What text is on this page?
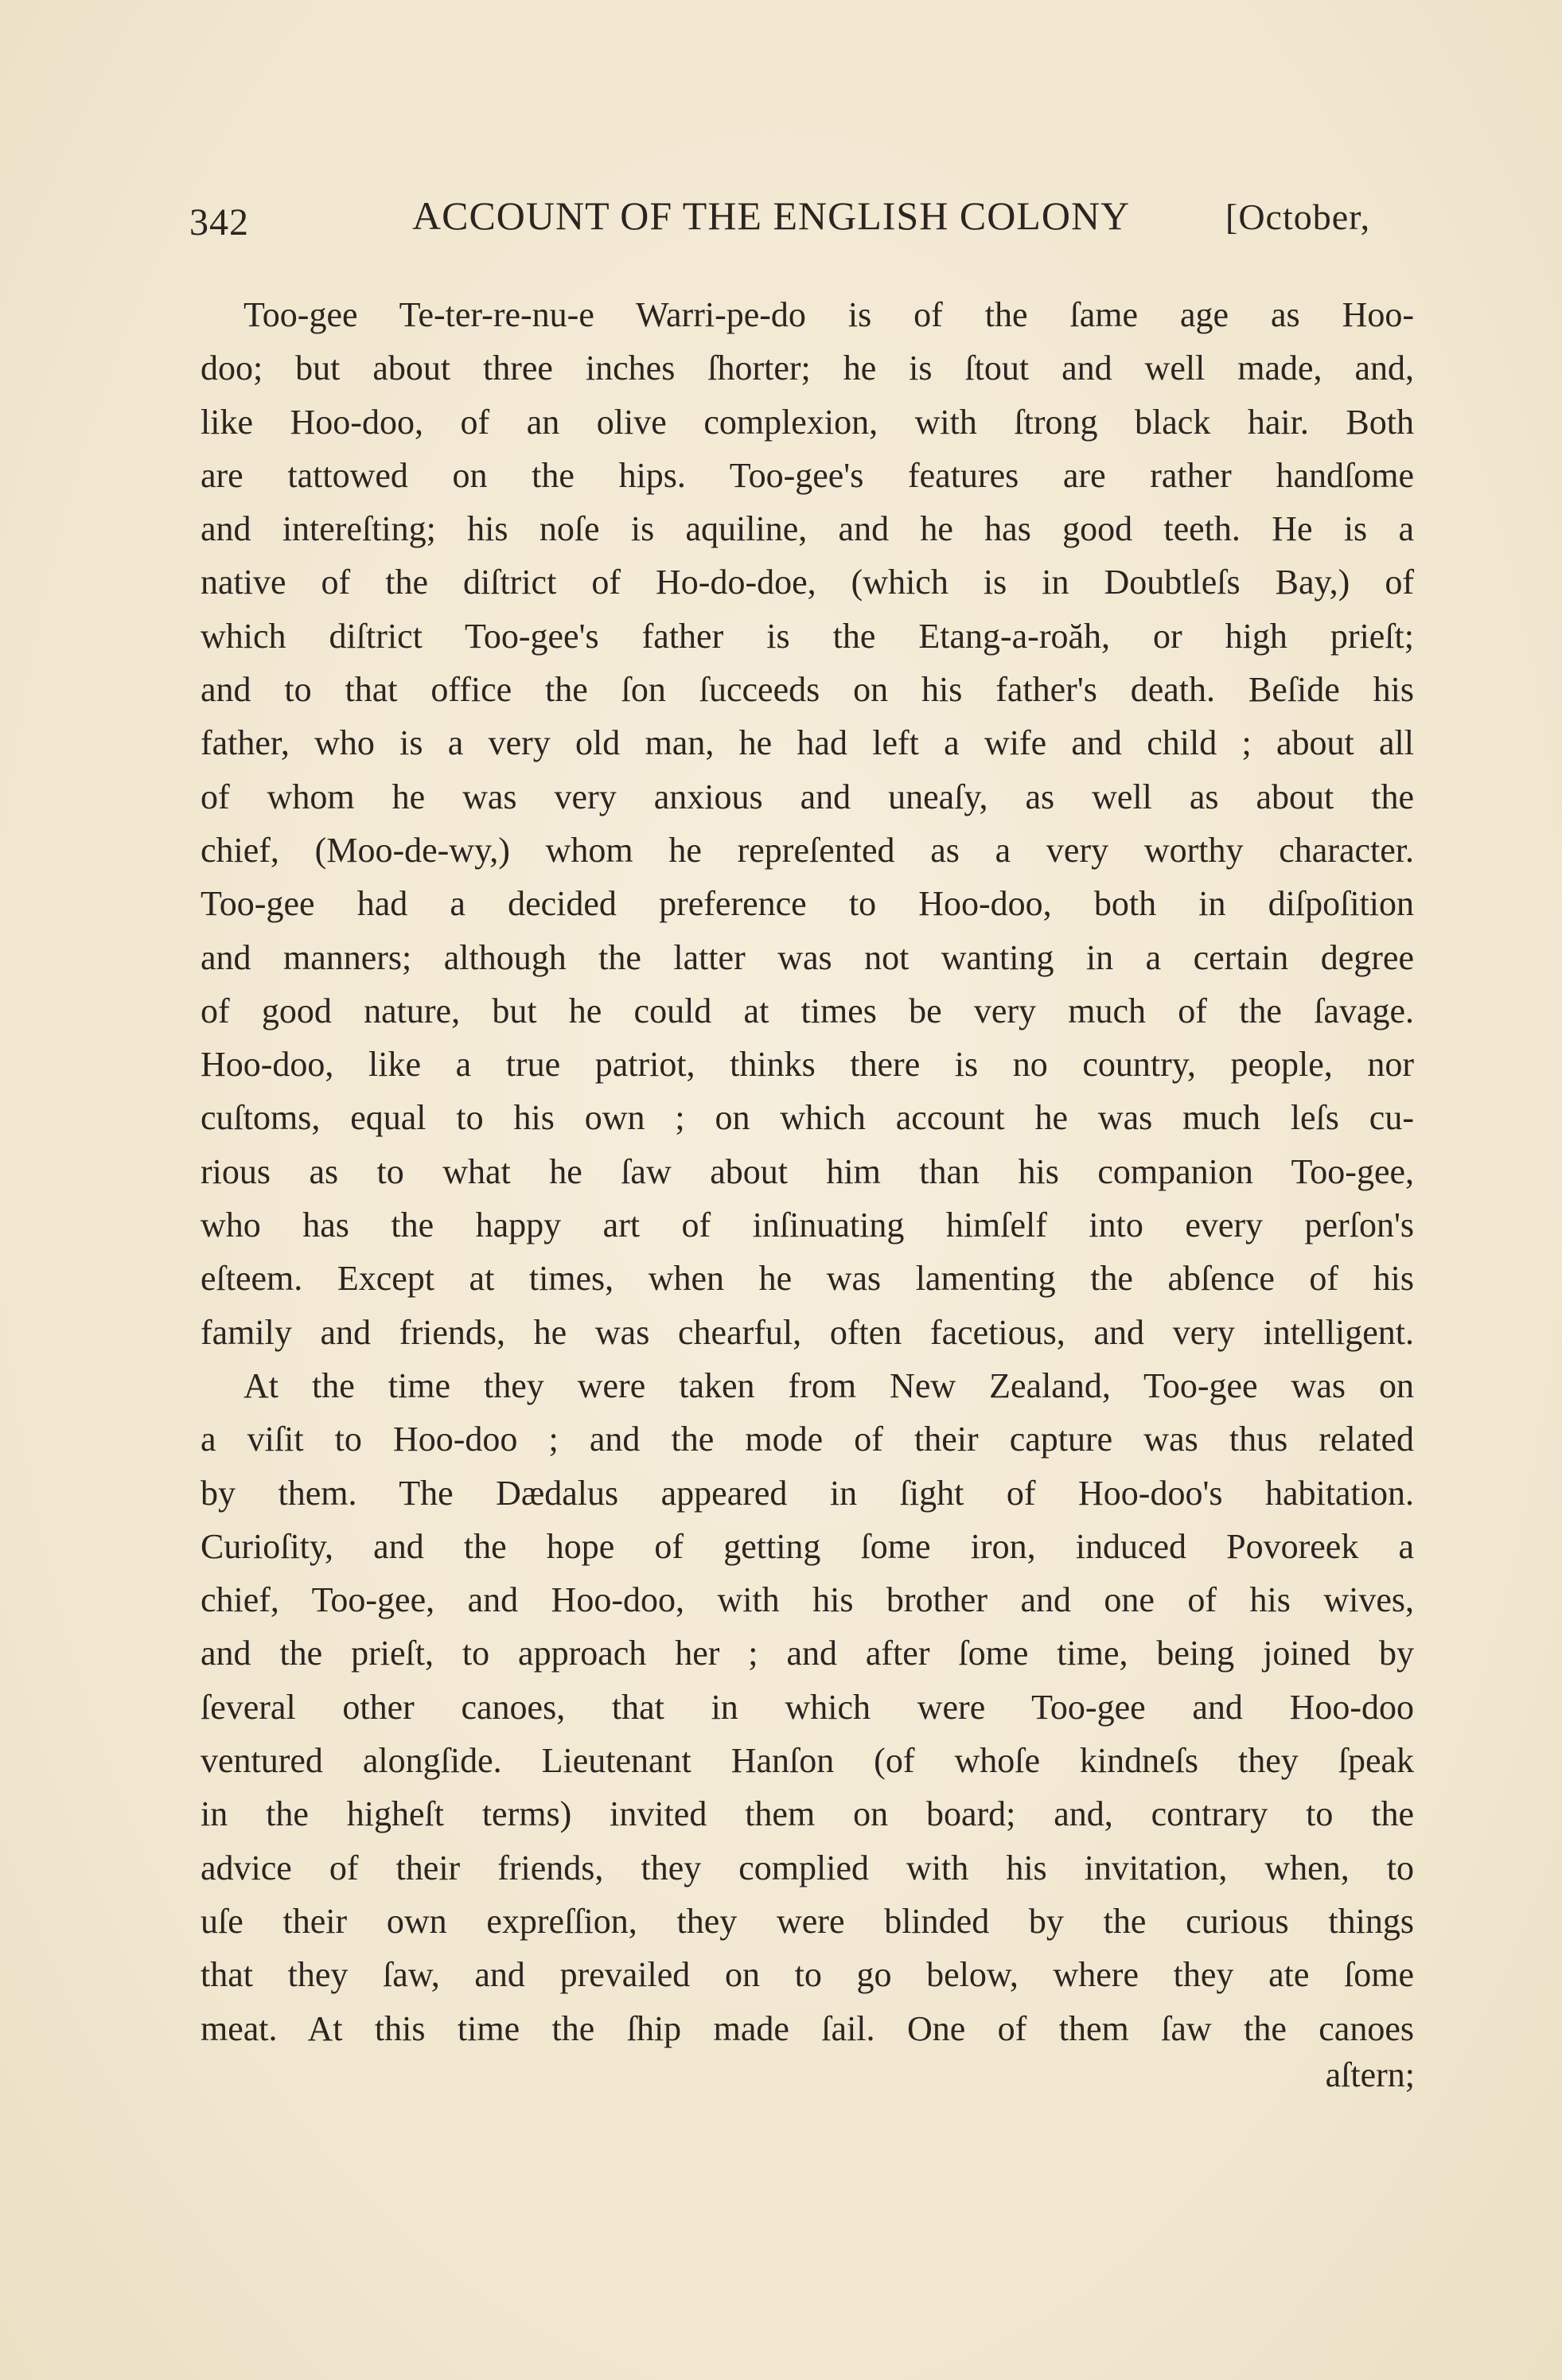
342	ACCOUNT OF THE ENGLISH COLONY	[October,
Too-gee Te-ter-re-nu-e Warri-pe-do is of the ſame age as Hoo-
doo; but about three inches ſhorter; he is ſtout and well made, and,
like Hoo-doo, of an olive complexion, with ſtrong black hair. Both
are tattowed on the hips. Too-gee's features are rather handſome
and intereſting; his noſe is aquiline, and he has good teeth. He is a
native of the diſtrict of Ho-do-doe, (which is in Doubtleſs Bay,) of
which diſtrict Too-gee's father is the Etang-a-roăh, or high prieſt;
and to that office the ſon ſucceeds on his father's death. Beſide his
father, who is a very old man, he had left a wife and child ; about all
of whom he was very anxious and uneaſy, as well as about the
chief, (Moo-de-wy,) whom he repreſented as a very worthy character.
Too-gee had a decided preference to Hoo-doo, both in diſpoſition
and manners; although the latter was not wanting in a certain degree
of good nature, but he could at times be very much of the ſavage.
Hoo-doo, like a true patriot, thinks there is no country, people, nor
cuſtoms, equal to his own ; on which account he was much leſs cu-
rious as to what he ſaw about him than his companion Too-gee,
who has the happy art of inſinuating himſelf into every perſon's
eſteem. Except at times, when he was lamenting the abſence of his
family and friends, he was chearful, often facetious, and very intelligent.
At the time they were taken from New Zealand, Too-gee was on
a viſit to Hoo-doo ; and the mode of their capture was thus related
by them. The Dædalus appeared in ſight of Hoo-doo's habitation.
Curioſity, and the hope of getting ſome iron, induced Povoreek a
chief, Too-gee, and Hoo-doo, with his brother and one of his wives,
and the prieſt, to approach her ; and after ſome time, being joined by
ſeveral other canoes, that in which were Too-gee and Hoo-doo
ventured alongſide. Lieutenant Hanſon (of whoſe kindneſs they ſpeak
in the higheſt terms) invited them on board; and, contrary to the
advice of their friends, they complied with his invitation, when, to
uſe their own expreſſion, they were blinded by the curious things
that they ſaw, and prevailed on to go below, where they ate ſome
meat. At this time the ſhip made ſail. One of them ſaw the canoes
aſtern;
